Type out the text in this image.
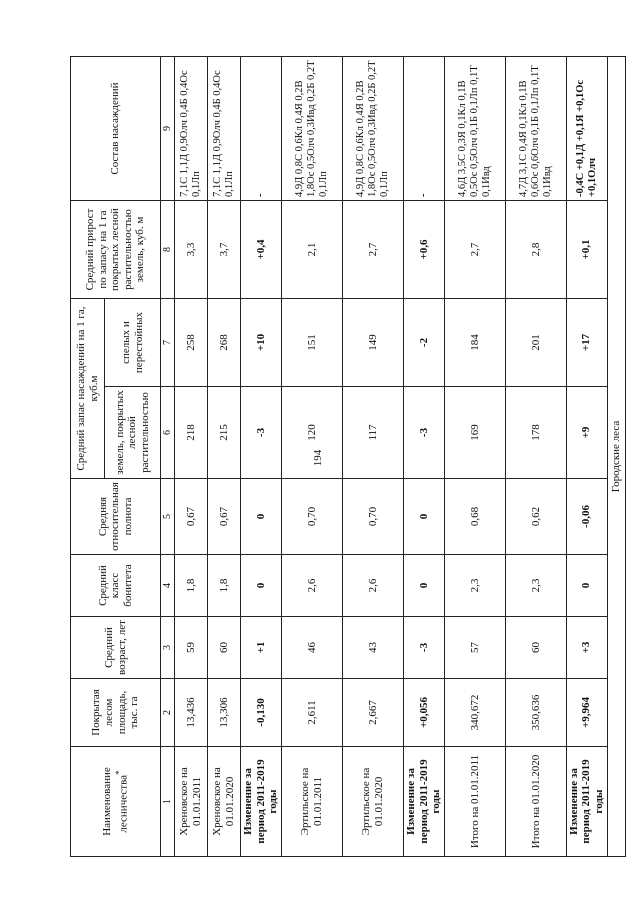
194
Наименование лесничества*	Покрытая лесом площадь, тыс. га	Средний возраст, лет	Средний класс бонитета	Средняя относительная полнота	Средний запас насаждений на 1 га, куб.м		Средний прирост по запасу на 1 га покрытых лесной растительностью земель, куб. м	Состав насаждений
					земель, покрытых лесной растительностью	спелых и перестойных		
1	2	3	4	5	6	7	8	9
Хреновское на 01.01.2011	13,436	59	1,8	0,67	218	258	3,3	7,1С 1,1Д 0,9Олч 0,4Б 0,4Ос 0,1Лп
Хреновское на 01.01.2020	13,306	60	1,8	0,67	215	268	3,7	7,1С 1,1Д 0,9Олч 0,4Б 0,4Ос 0,1Лп
Изменение за период 2011-2019 годы	-0,130	+1	0	0	-3	+10	+0,4	-
Эртильское на 01.01.2011	2,611	46	2,6	0,70	120	151	2,1	4,9Д 0,8С 0,6Кл 0,4Я 0,2В 1,8Ос 0,5Олч 0,3Ивд 0,2Б 0,2Т 0,1Лп
Эртильское на 01.01.2020	2,667	43	2,6	0,70	117	149	2,7	4,9Д 0,8С 0,6Кл 0,4Я 0,2В 1,8Ос 0,5Олч 0,3Ивд 0,2Б 0,2Т 0,1Лп
Изменение за период 2011-2019 годы	+0,056	-3	0	0	-3	-2	+0,6	-
Итого на 01.01.2011	340,672	57	2,3	0,68	169	184	2,7	4,6Д 3,5С 0,3Я 0,1Кл 0,1В 0,5Ос 0,5Олч 0,1Б 0,1Лп 0,1Т 0,1Ивд
Итого на 01.01.2020	350,636	60	2,3	0,62	178	201	2,8	4,7Д 3,1С 0,4Я 0,1Кл 0,1В 0,6Ос 0,6Олч 0,1Б 0,1Лп 0,1Т 0,1Ивд
Изменение за период 2011-2019 годы	+9,964	+3	0	-0,06	+9	+17	+0,1	-0,4С +0,1Д +0,1Я +0,1Ос +0,1Олч
Городские леса								
